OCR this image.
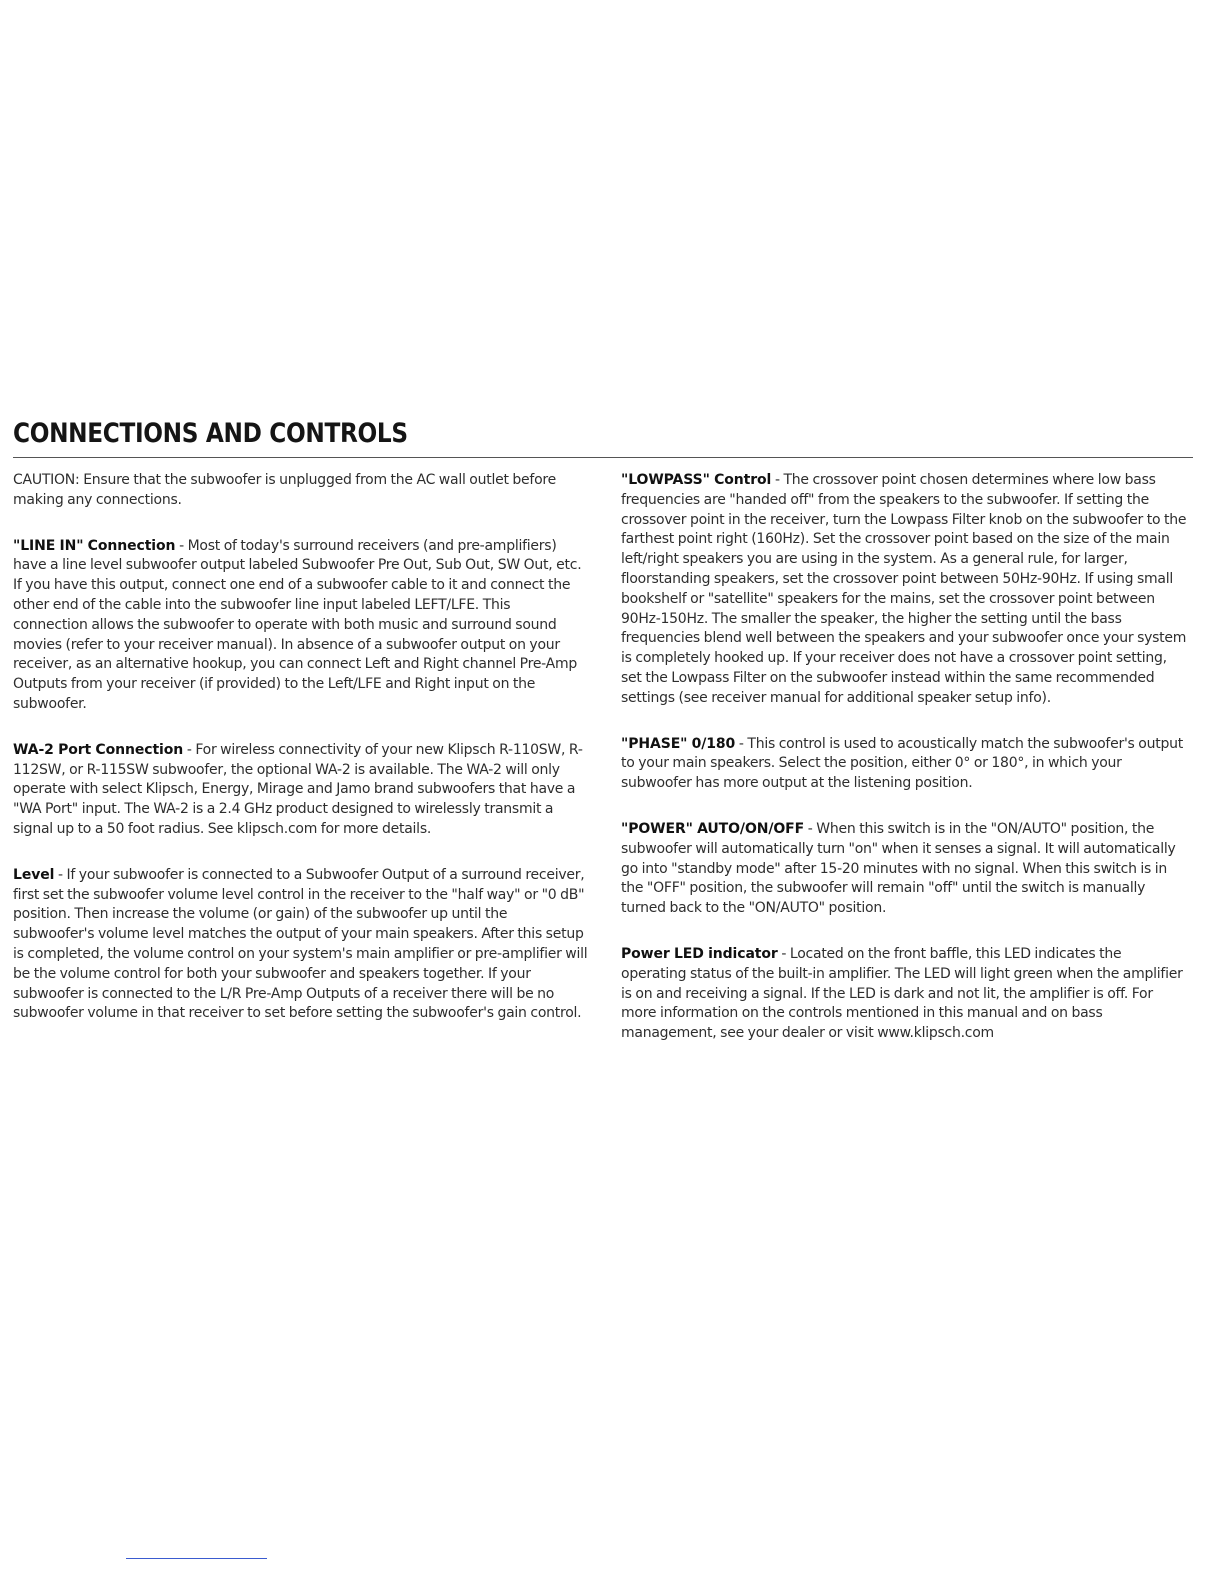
CONNECTIONS AND CONTROLS

CAUTION: Ensure that the subwoofer is unplugged from the AC wall outlet before making any connections.

"LINE IN" Connection - Most of today's surround receivers (and pre-amplifiers) have a line level subwoofer output labeled Subwoofer Pre Out, Sub Out, SW Out, etc. If you have this output, connect one end of a subwoofer cable to it and connect the other end of the cable into the subwoofer line input labeled LEFT/LFE. This connection allows the subwoofer to operate with both music and surround sound movies (refer to your receiver manual). In absence of a subwoofer output on your receiver, as an alternative hookup, you can connect Left and Right channel Pre-Amp Outputs from your receiver (if provided) to the Left/LFE and Right input on the subwoofer.

WA-2 Port Connection - For wireless connectivity of your new Klipsch R-110SW, R-112SW, or R-115SW subwoofer, the optional WA-2 is available. The WA-2 will only operate with select Klipsch, Energy, Mirage and Jamo brand subwoofers that have a "WA Port" input. The WA-2 is a 2.4 GHz product designed to wirelessly transmit a signal up to a 50 foot radius. See klipsch.com for more details.

Level - If your subwoofer is connected to a Subwoofer Output of a surround receiver, first set the subwoofer volume level control in the receiver to the "half way" or "0 dB" position. Then increase the volume (or gain) of the subwoofer up until the subwoofer's volume level matches the output of your main speakers. After this setup is completed, the volume control on your system's main amplifier or pre-amplifier will be the volume control for both your subwoofer and speakers together. If your subwoofer is connected to the L/R Pre-Amp Outputs of a receiver there will be no subwoofer volume in that receiver to set before setting the subwoofer's gain control.

"LOWPASS" Control - The crossover point chosen determines where low bass frequencies are "handed off" from the speakers to the subwoofer. If setting the crossover point in the receiver, turn the Lowpass Filter knob on the subwoofer to the farthest point right (160Hz). Set the crossover point based on the size of the main left/right speakers you are using in the system. As a general rule, for larger, floorstanding speakers, set the crossover point between 50Hz-90Hz. If using small bookshelf or "satellite" speakers for the mains, set the crossover point between 90Hz-150Hz. The smaller the speaker, the higher the setting until the bass frequencies blend well between the speakers and your subwoofer once your system is completely hooked up. If your receiver does not have a crossover point setting, set the Lowpass Filter on the subwoofer instead within the same recommended settings (see receiver manual for additional speaker setup info).

"PHASE" 0/180 - This control is used to acoustically match the subwoofer's output to your main speakers. Select the position, either 0° or 180°, in which your subwoofer has more output at the listening position.

"POWER" AUTO/ON/OFF - When this switch is in the "ON/AUTO" position, the subwoofer will automatically turn "on" when it senses a signal. It will automatically go into "standby mode" after 15-20 minutes with no signal. When this switch is in the "OFF" position, the subwoofer will remain "off" until the switch is manually turned back to the "ON/AUTO" position.

Power LED indicator - Located on the front baffle, this LED indicates the operating status of the built-in amplifier. The LED will light green when the amplifier is on and receiving a signal. If the LED is dark and not lit, the amplifier is off. For more information on the controls mentioned in this manual and on bass management, see your dealer or visit www.klipsch.com
